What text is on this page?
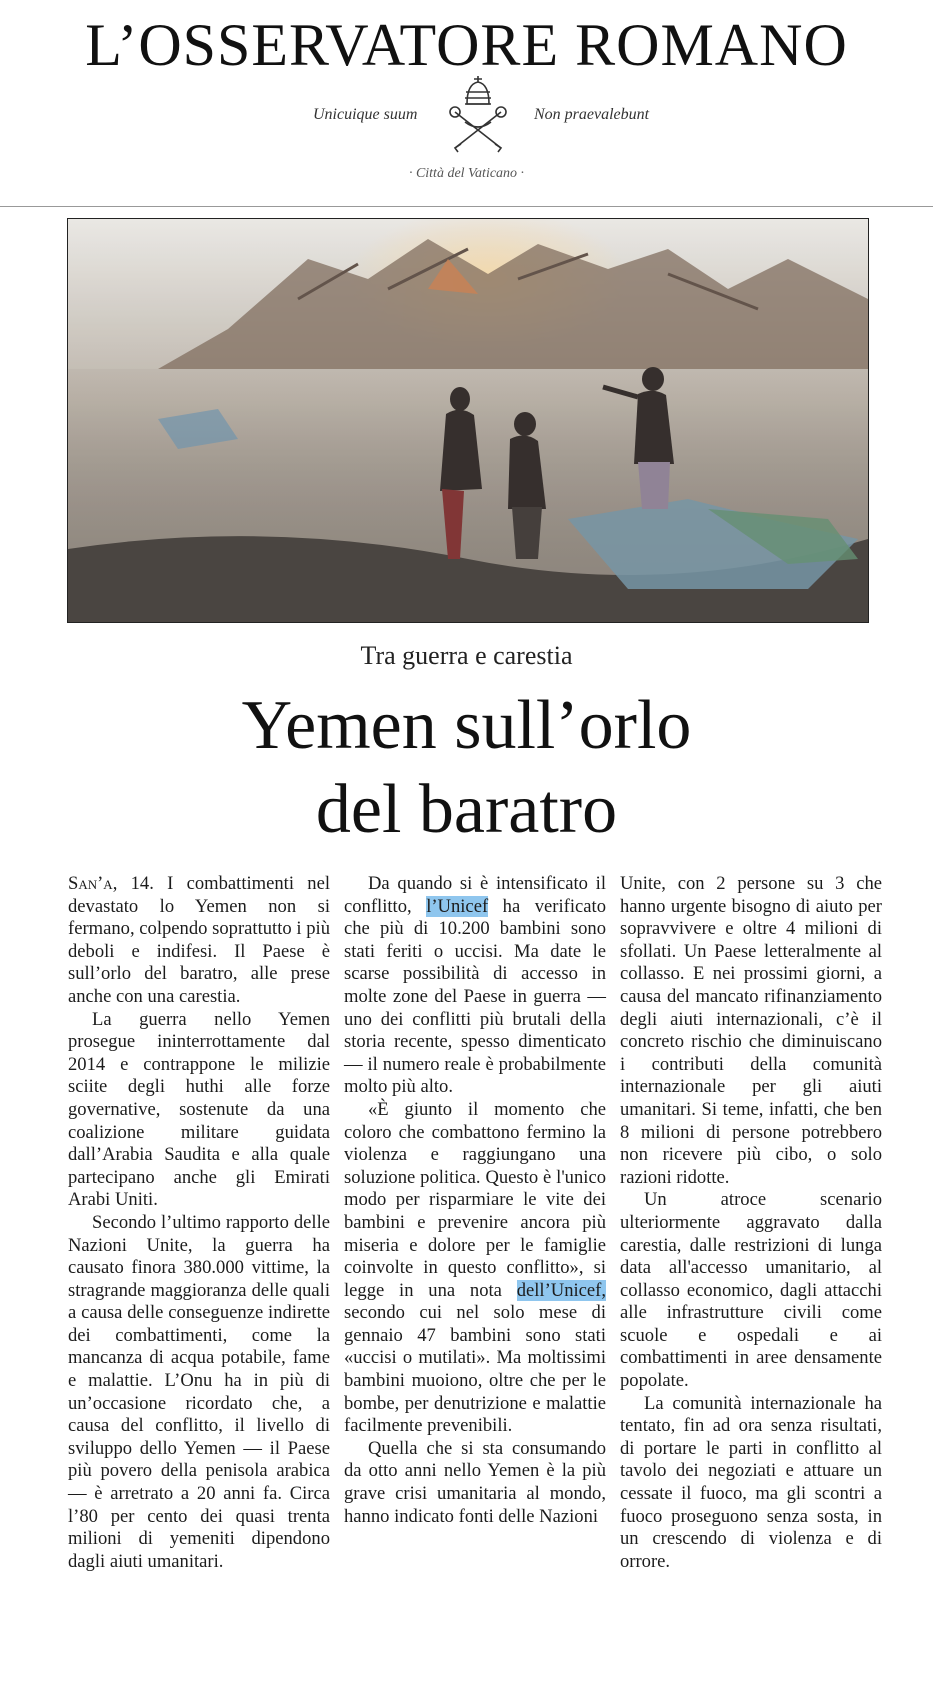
L’OSSERVATORE ROMANO
Unicuique suum	Non praevalebunt
· Città del Vaticano ·
Tra guerra e carestia
Yemen sull’orlo
del baratro

San’a, 14. I combattimenti nel devastato lo Yemen non si fermano, colpendo soprattutto i più deboli e indifesi. Il Paese è sull’orlo del baratro, alle prese anche con una carestia.

La guerra nello Yemen prosegue ininterrottamente dal 2014 e contrappone le milizie sciite degli huthi alle forze governative, sostenute da una coalizione militare guidata dall’Arabia Saudita e alla quale partecipano anche gli Emirati Arabi Uniti.

Secondo l’ultimo rapporto delle Nazioni Unite, la guerra ha causato finora 380.000 vittime, la stragrande maggioranza delle quali a causa delle conseguenze indirette dei combattimenti, come la mancanza di acqua potabile, fame e malattie. L’Onu ha in più di un’occasione ricordato che, a causa del conflitto, il livello di sviluppo dello Yemen — il Paese più povero della penisola arabica — è arretrato a 20 anni fa. Circa l’80 per cento dei quasi trenta milioni di yemeniti dipendono dagli aiuti umanitari.

Da quando si è intensificato il conflitto, l’Unicef ha verificato che più di 10.200 bambini sono stati feriti o uccisi. Ma date le scarse possibilità di accesso in molte zone del Paese in guerra — uno dei conflitti più brutali della storia recente, spesso dimenticato — il numero reale è probabilmente molto più alto.

«È giunto il momento che coloro che combattono fermino la violenza e raggiungano una soluzione politica. Questo è l'unico modo per risparmiare le vite dei bambini e prevenire ancora più miseria e dolore per le famiglie coinvolte in questo conflitto», si legge in una nota dell’Unicef, secondo cui nel solo mese di gennaio 47 bambini sono stati «uccisi o mutilati». Ma moltissimi bambini muoiono, oltre che per le bombe, per denutrizione e malattie facilmente prevenibili.

Quella che si sta consumando da otto anni nello Yemen è la più grave crisi umanitaria al mondo, hanno indicato fonti delle Nazioni

Unite, con 2 persone su 3 che hanno urgente bisogno di aiuto per sopravvivere e oltre 4 milioni di sfollati. Un Paese letteralmente al collasso. E nei prossimi giorni, a causa del mancato rifinanziamento degli aiuti internazionali, c’è il concreto rischio che diminuiscano i contributi della comunità internazionale per gli aiuti umanitari. Si teme, infatti, che ben 8 milioni di persone potrebbero non ricevere più cibo, o solo razioni ridotte.

Un atroce scenario ulteriormente aggravato dalla carestia, dalle restrizioni di lunga data all'accesso umanitario, al collasso economico, dagli attacchi alle infrastrutture civili come scuole e ospedali e ai combattimenti in aree densamente popolate.

La comunità internazionale ha tentato, fin ad ora senza risultati, di portare le parti in conflitto al tavolo dei negoziati e attuare un cessate il fuoco, ma gli scontri a fuoco proseguono senza sosta, in un crescendo di violenza e di orrore.
